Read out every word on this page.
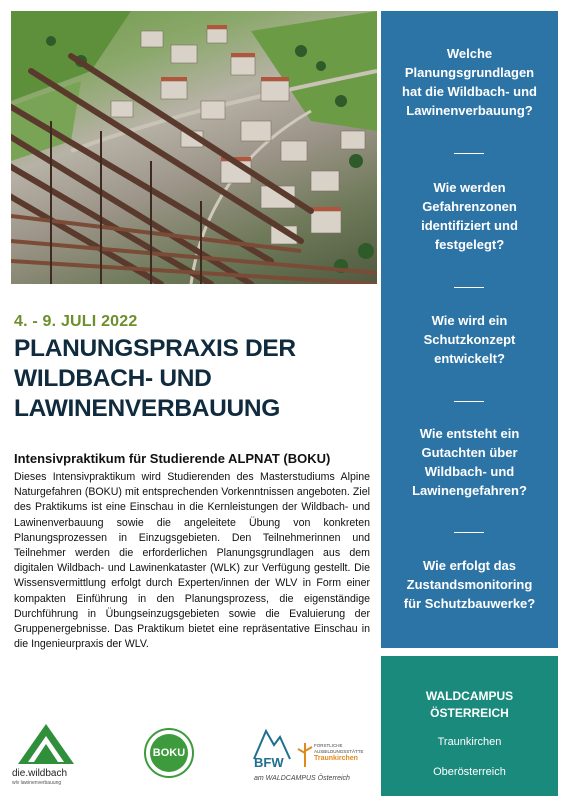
Welche
Planungsgrundlagen
hat die Wildbach- und
Lawinenverbauung?
Wie werden
Gefahrenzonen
identifiziert und
festgelegt?
Wie wird ein
Schutzkonzept
entwickelt?
Wie entsteht ein
Gutachten über
Wildbach- und
Lawinengefahren?
Wie erfolgt das
Zustandsmonitoring
für Schutzbauwerke?
WALDCAMPUS
ÖSTERREICH
Traunkirchen
Oberösterreich
4. - 9. JULI 2022
PLANUNGSPRAXIS DER
WILDBACH- UND
LAWINENVERBAUUNG
Intensivpraktikum für Studierende ALPNAT (BOKU)
Dieses Intensivpraktikum wird Studierenden des Masterstudiums Alpine Naturgefahren (BOKU) mit entsprechenden Vorkenntnissen angeboten. Ziel des Praktikums ist eine Einschau in die Kernleistungen der Wildbach- und Lawinenverbauung sowie die angeleitete Übung von konkreten Planungsprozessen in Einzugsgebieten. Den Teilnehmerinnen und Teilnehmer werden die erforderlichen Planungsgrundlagen aus dem digitalen Wildbach- und Lawinenkataster (WLK) zur Verfügung gestellt. Die Wissensvermittlung erfolgt durch Experten/innen der WLV in Form einer kompakten Einführung in den Planungsprozess, die eigenständige Durchführung in Übungseinzugsgebieten sowie die Evaluierung der Gruppenergebnisse. Das Praktikum bietet eine repräsentative Einschau in die Ingenieurpraxis der WLV.
die.wildbach
wlv lawinenverbauung
BOKU
BFW
FORSTLICHE
AUSBILDUNGSSTÄTTE
Traunkirchen
am WALDCAMPUS Österreich
